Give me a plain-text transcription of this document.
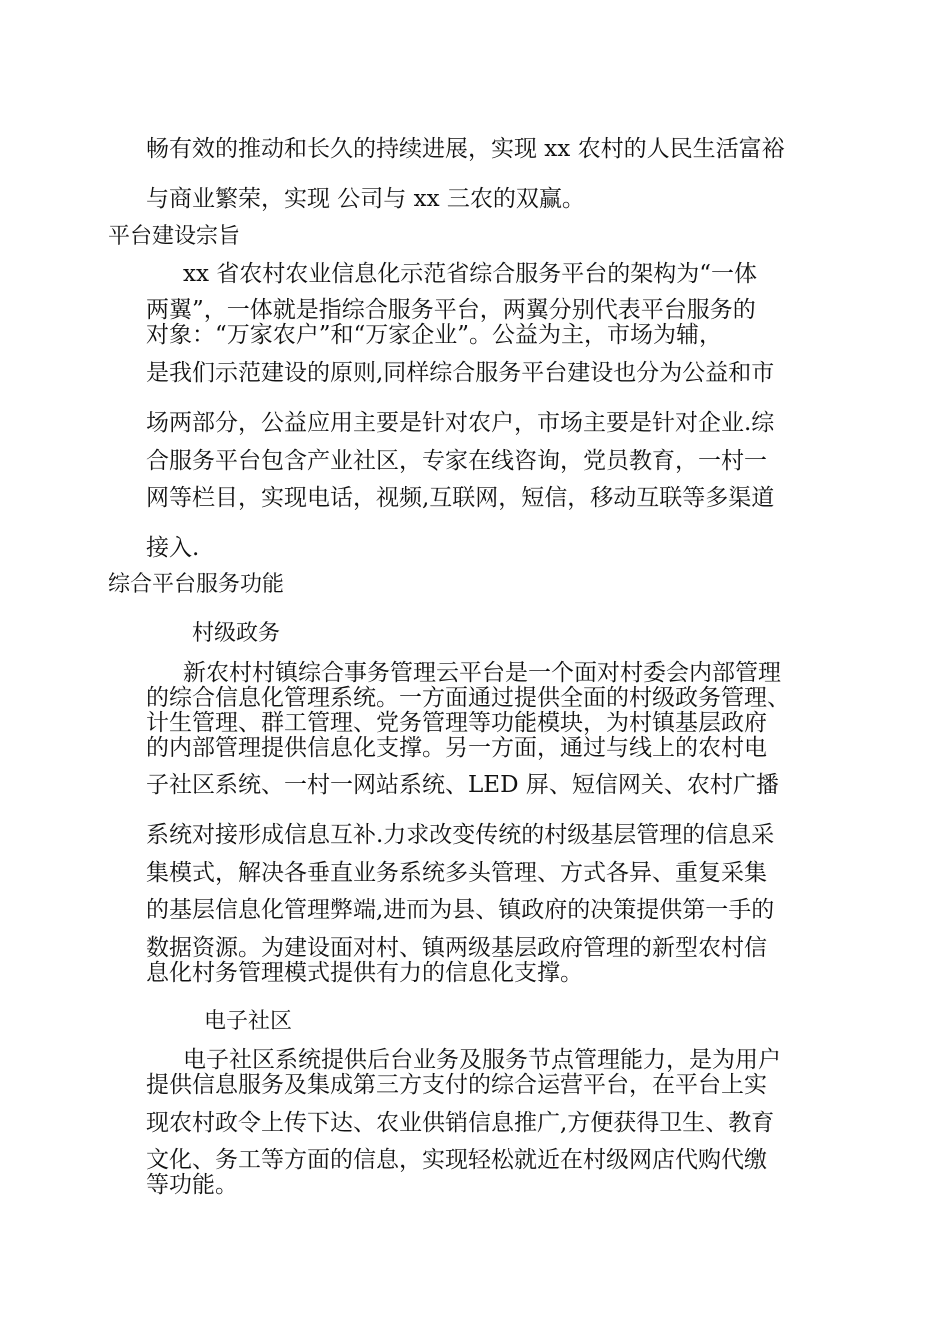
畅有效的推动和长久的持续进展，实现 xx 农村的人民生活富裕
与商业繁荣，实现 公司与 xx 三农的双赢。
平台建设宗旨
xx 省农村农业信息化示范省综合服务平台的架构为“一体
两翼”，一体就是指综合服务平台，两翼分别代表平台服务的
对象：“万家农户”和“万家企业”。公益为主，市场为辅，
是我们示范建设的原则,同样综合服务平台建设也分为公益和市
场两部分，公益应用主要是针对农户，市场主要是针对企业.综
合服务平台包含产业社区，专家在线咨询，党员教育，一村一
网等栏目，实现电话，视频,互联网，短信，移动互联等多渠道
接入.
综合平台服务功能
村级政务
新农村村镇综合事务管理云平台是一个面对村委会内部管理
的综合信息化管理系统。一方面通过提供全面的村级政务管理、
计生管理、群工管理、党务管理等功能模块，为村镇基层政府
的内部管理提供信息化支撑。另一方面，通过与线上的农村电
子社区系统、一村一网站系统、LED 屏、短信网关、农村广播
系统对接形成信息互补.力求改变传统的村级基层管理的信息采
集模式，解决各垂直业务系统多头管理、方式各异、重复采集
的基层信息化管理弊端,进而为县、镇政府的决策提供第一手的
数据资源。为建设面对村、镇两级基层政府管理的新型农村信
息化村务管理模式提供有力的信息化支撑。
电子社区
电子社区系统提供后台业务及服务节点管理能力，是为用户
提供信息服务及集成第三方支付的综合运营平台，在平台上实
现农村政令上传下达、农业供销信息推广,方便获得卫生、教育
文化、务工等方面的信息，实现轻松就近在村级网店代购代缴
等功能。
